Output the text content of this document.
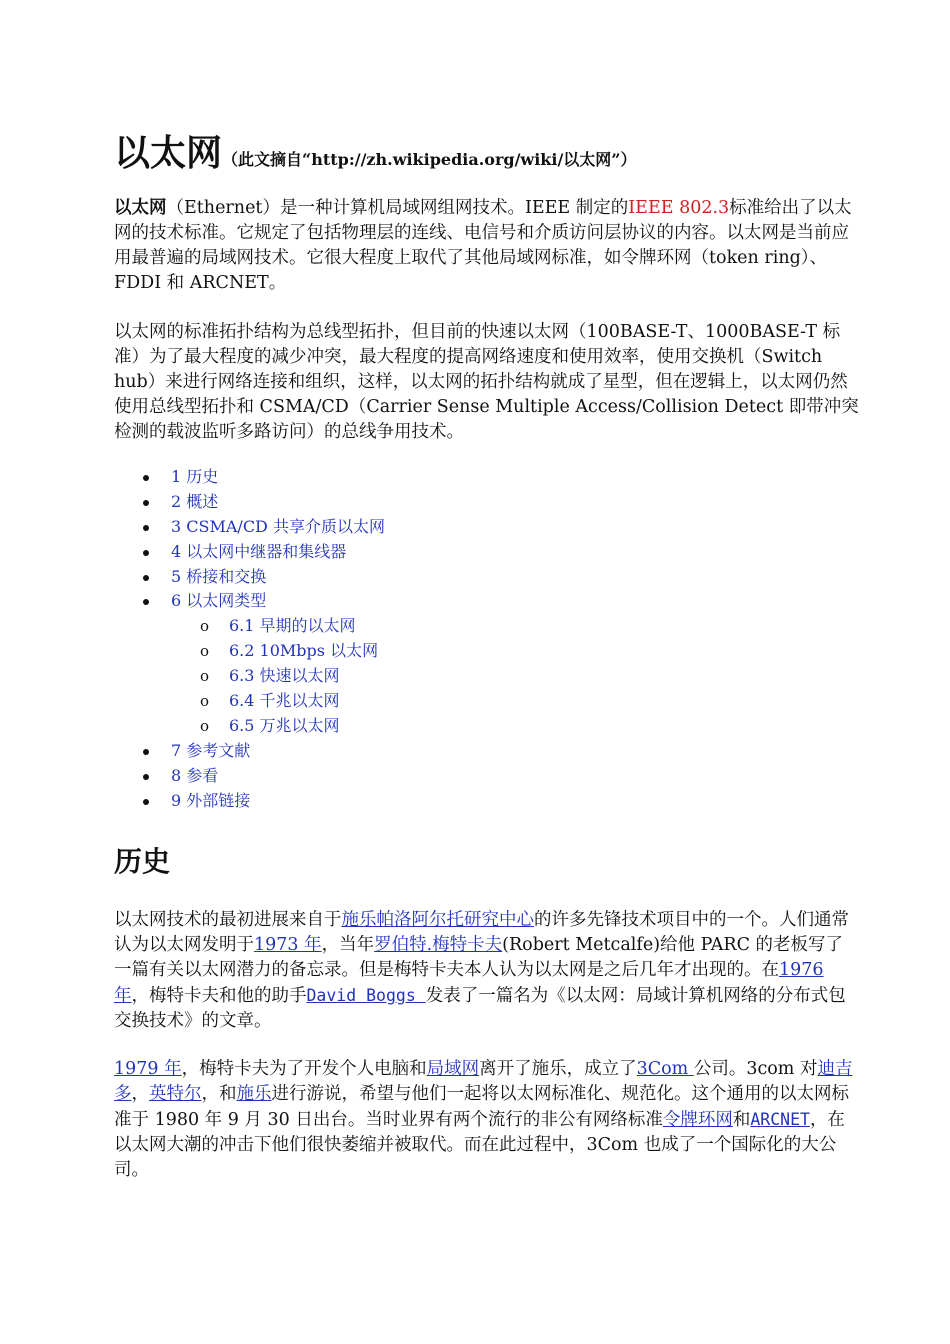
以太网（此文摘自“http://zh.wikipedia.org/wiki/以太网”）

以太网（Ethernet）是一种计算机局域网组网技术。IEEE 制定的IEEE 802.3标准给出了以太网的技术标准。它规定了包括物理层的连线、电信号和介质访问层协议的内容。以太网是当前应用最普遍的局域网技术。它很大程度上取代了其他局域网标准，如令牌环网（token ring）、FDDI 和 ARCNET。

以太网的标准拓扑结构为总线型拓扑，但目前的快速以太网（100BASE-T、1000BASE-T 标准）为了最大程度的减少冲突，最大程度的提高网络速度和使用效率，使用交换机（Switch hub）来进行网络连接和组织，这样，以太网的拓扑结构就成了星型，但在逻辑上，以太网仍然使用总线型拓扑和 CSMA/CD（Carrier Sense Multiple Access/Collision Detect 即带冲突检测的载波监听多路访问）的总线争用技术。

1 历史
2 概述
3 CSMA/CD 共享介质以太网
4 以太网中继器和集线器
5 桥接和交换
6 以太网类型
o 6.1 早期的以太网
o 6.2 10Mbps 以太网
o 6.3 快速以太网
o 6.4 千兆以太网
o 6.5 万兆以太网
7 参考文献
8 参看
9 外部链接
历史

以太网技术的最初进展来自于施乐帕洛阿尔托研究中心的许多先锋技术项目中的一个。人们通常认为以太网发明于1973 年，当年罗伯特.梅特卡夫(Robert Metcalfe)给他 PARC 的老板写了一篇有关以太网潜力的备忘录。但是梅特卡夫本人认为以太网是之后几年才出现的。在1976 年，梅特卡夫和他的助手David Boggs 发表了一篇名为《以太网：局域计算机网络的分布式包交换技术》的文章。

1979 年，梅特卡夫为了开发个人电脑和局域网离开了施乐，成立了3Com 公司。3com 对迪吉多，英特尔，和施乐进行游说，希望与他们一起将以太网标准化、规范化。这个通用的以太网标准于 1980 年 9 月 30 日出台。当时业界有两个流行的非公有网络标准令牌环网和ARCNET，在以太网大潮的冲击下他们很快萎缩并被取代。而在此过程中，3Com 也成了一个国际化的大公司。
